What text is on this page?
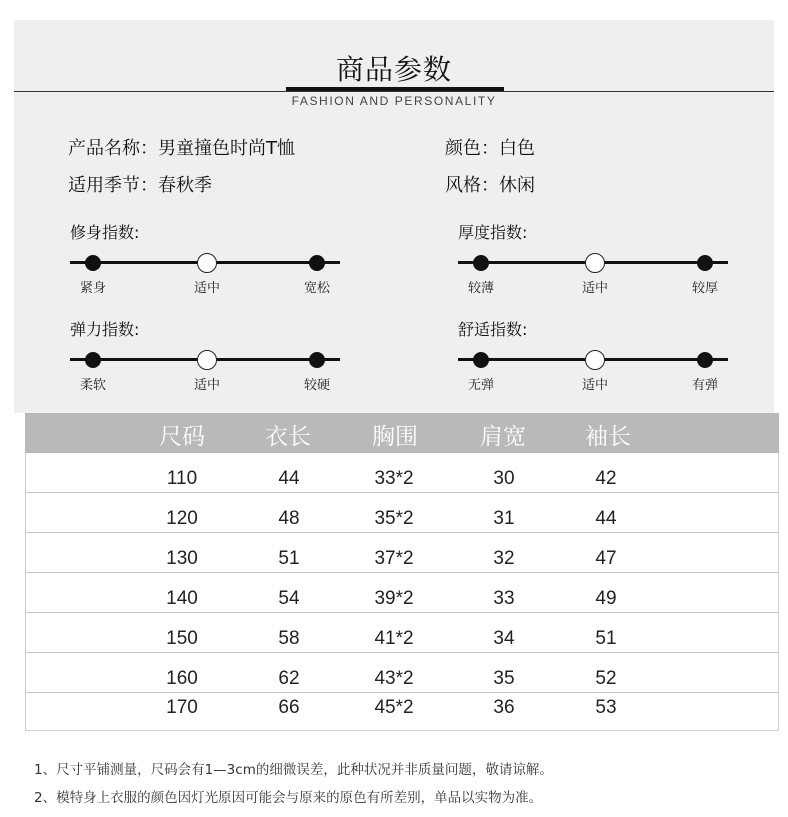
商品参数
FASHION AND PERSONALITY
产品名称：男童撞色时尚T恤	颜色：白色
适用季节：春秋季	风格：休闲
修身指数:
紧身	适中	宽松
厚度指数:
较薄	适中	较厚
弹力指数:
柔软	适中	较硬
舒适指数:
无弹	适中	有弹
尺码	衣长	胸围	肩宽	袖长
110	44	33*2	30	42
120	48	35*2	31	44
130	51	37*2	32	47
140	54	39*2	33	49
150	58	41*2	34	51
160	62	43*2	35	52
170	66	45*2	36	53
1、尺寸平铺测量，尺码会有1—3cm的细微误差，此种状况并非质量问题，敬请谅解。
2、模特身上衣服的颜色因灯光原因可能会与原来的原色有所差别，单品以实物为准。
